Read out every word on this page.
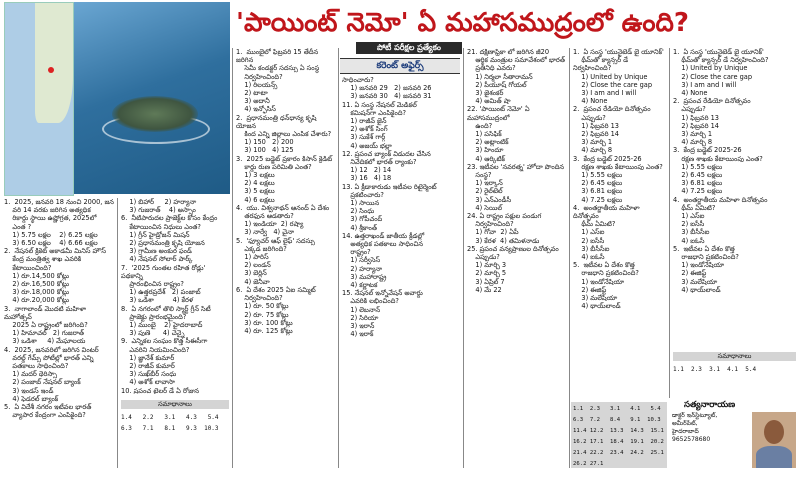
'పాయింట్ నెమో' ఏ మహాసముద్రంలో ఉంది?
పోటీ పరీక్షల ప్రత్యేకం
కరెంట్ అఫైర్స్
1.  2025, జనవరి 18 నుంచి 2000, జన
వరి 14 వరకు జరిగిన అత్యధిక
రికార్డు స్థాయి ఉష్ణోగ్రత, 2025లో
ఎంత ?
1) 5.75 లక్షల    2) 6.25 లక్షల
3) 6.50 లక్షల    4) 6.66 లక్షల
2.  నేషనల్ క్రికెట్ అకాడమీ మినిస్ హౌస్
కేంద్ర మంత్రిత్వ శాఖ ఎవరికి
కేటాయించింది?
1) రూ.14,500 కోట్లు
2) రూ.16,500 కోట్లు
3) రూ.18,000 కోట్లు
4) రూ.20,000 కోట్లు
3.  నాగాలాండ్ మొదటి మహిళా మహోత్సవ్
2025 ఏ రాష్ట్రంలో జరిగింది?
1) హిమాచల్   2) గుజరాత్
3) ఒడిశా     4) మేఘాలయ
4.  2025, జనవరిలో జరిగిన వింటర్
వరల్డ్ గేమ్స్ పోటీల్లో భారత్ ఎన్ని
పతకాలు సాధించింది?
1) మదర్ థెరిస్సా
2) పంజాబ్ నేషనల్ బ్యాంక్
3) ఇండస్ ఇండ్
4) ఫెడరల్ బ్యాంక్
5.  ఏ విదేశీ నగరం ఇటీవల భారత్
వ్యాపార కేంద్రంగా ఎంపికైంది?
1) బిహార్     2) హర్యానా
3) గుజరాత్    4) అస్సాం
6.  నీటిపారుదల ప్రాజెక్ట్‌ల కోసం కేంద్రం
కేటాయించిన నిధులు ఎంత?
1) గ్రీన్ హైడ్రోజన్ మిషన్
2) ప్రధానమంత్రి కృషి యోజన
3) గ్రామీణ అంకుర ఫండ్
4) నేషనల్ సోలార్ పార్క్
7.  '2025 గుంతల రహిత రోడ్లు' పథకాన్ని
ప్రారంభించిన రాష్ట్రం?
1) ఉత్తరప్రదేశ్   2) పంజాబ్
3) ఒడిశా         4) కేరళ
8.  ఏ నగరంలో తొలి స్మార్ట్ గ్రీన్ సిటీ
ప్రాజెక్టు ప్రారంభమైంది?
1) ముంబై    2) హైదరాబాద్
3) పుణె      4) చెన్నై
9.  ఎన్నికల సంఘం కొత్త సీఈసీగా
ఎవరిని నియమించింది?
1) జ్ఞానేశ్ కుమార్
2) రాజీవ్ కుమార్
3) సుఖ్‌బీర్ సంధు
4) అశోక్ లావాసా
10. ప్రపంచ టైలర్ డే ఏ రోజున

సమాధానాలు
1.4   2.2   3.1   4.3   5.4
6.3   7.1   8.1   9.3  10.3
1.  ముంబైలో ఫిబ్రవరి 15 తేదీన జరిగిన
సెమీ కండక్టర్ సదస్సు ఏ సంస్థ
నిర్వహించింది?
1) రిలయన్స్
2) టాటా
3) అదానీ
4) ఇన్ఫోసిస్
2.  ప్రధానమంత్రి ధన్‌ధాన్య కృషి యోజన
కింద ఎన్ని జిల్లాలు ఎంపిక చేశారు?
1) 150   2) 200
3) 100   4) 125
3.  2025 బడ్జెట్ ప్రకారం కిసాన్ క్రెడిట్
కార్డు రుణ పరిమితి ఎంత?
1) 3 లక్షలు
2) 4 లక్షలు
3) 5 లక్షలు
4) 6 లక్షలు
4.  యు. విశ్వనాథన్ ఆనంద్ ఏ దేశం
తరఫున ఆడతారు?
1) ఇండియా  2) రష్యా
3) నార్వే   4) చైనా
5.  'ఫ్యూచర్ ఆఫ్ లైఫ్' సదస్సు
ఎక్కడ జరిగింది?
1) పారిస్
2) లండన్
3) బెర్లిన్
4) జెనీవా
6.  ఏ దేశం 2025 ఏఐ సమ్మిట్
నిర్వహించింది?
1) రూ. 50 కోట్లు
2) రూ. 75 కోట్లు
3) రూ. 100 కోట్లు
4) రూ. 125 కోట్లు
సాధించారు?
1) జనవరి 29   2) జనవరి 26
3) జనవరి 30   4) జనవరి 31
11. ఏ సంస్థ నేషనల్ మెడికల్
కమిషన్‌గా ఎంపికైంది?
1) రాజీవ్ జైన్
2) అశోక్ సింగ్
3) సుకేశ్ గార్గ్
4) అజయ్ భల్లా
12. ప్రపంచ బ్యాంక్ విడుదల చేసిన
నివేదికలో భారత్ ర్యాంకు?
1) 12   2) 14
3) 16   4) 18
13. ఏ క్రీడాకారుడు ఇటీవల రిటైర్మెంట్
ప్రకటించారు?
1) సాయిన
2) సింధు
3) గోపీచంద్
4) శ్రీకాంత్
14. ఉత్తరాఖండ్ జాతీయ క్రీడల్లో
అత్యధిక పతకాలు సాధించిన
రాష్ట్రం?
1) సర్వీసెస్
2) హర్యానా
3) మహారాష్ట్ర
4) కర్ణాటక
15. నేషనల్ ఇన్నోవేషన్ అవార్డు
ఎవరికి లభించింది?
1) లెబనాన్
2) సిరియా
3) ఇరాన్
4) ఇరాక్
21. దక్షిణాఫ్రికా లో జరిగిన జీ20
ఆర్థిక మంత్రుల సమావేశంలో భారత్
ప్రతినిధి ఎవరు?
1) నిర్మలా సీతారామన్
2) పీయూష్ గోయల్
3) జైశంకర్
4) అమిత్ షా
22. 'పాయింట్ నెమో' ఏ మహాసముద్రంలో
ఉంది?
1) పసిఫిక్
2) అట్లాంటిక్
3) హిందూ
4) ఆర్కిటిక్
23. ఇటీవల 'నవరత్న' హోదా పొందిన
సంస్థ?
1) ఇర్కాన్
2) రైల్‌టెల్
3) ఎన్‌ఎండీసీ
4) సెయిల్
24. ఏ రాష్ట్రం పక్షుల పండుగ
నిర్వహించింది?
1) గోవా  2) ఏపీ
3) కేరళ  4) తమిళనాడు
25. ప్రపంచ వన్యప్రాణుల దినోత్సవం
ఎప్పుడు?
1) మార్చి 3
2) మార్చి 5
3) ఏప్రిల్ 7
4) మే 22
1.  ఏ సంస్థ 'యునైటెడ్ బై యూనిక్'
థీమ్‌తో క్యాన్సర్ డే నిర్వహించింది?
1) United by Unique
2) Close the care gap
3) I am and I will
4) None
2.  ప్రపంచ రేడియో దినోత్సవం
ఎప్పుడు?
1) ఫిబ్రవరి 13
2) ఫిబ్రవరి 14
3) మార్చి 1
4) మార్చి 8
3.  కేంద్ర బడ్జెట్ 2025-26
రక్షణ శాఖకు కేటాయింపు ఎంత?
1) 5.55 లక్షలు
2) 6.45 లక్షలు
3) 6.81 లక్షలు
4) 7.25 లక్షలు
4.  అంతర్జాతీయ మహిళా దినోత్సవం
థీమ్ ఏమిటి?
1) ఎస్‌ఐ
2) ఐసీసీ
3) బీసీసీఐ
4) ఐఓసీ
5.  ఇటీవల ఏ దేశం కొత్త
రాజధాని ప్రకటించింది?
1) ఇండోనేషియా
2) ఈజిప్ట్
3) మలేషియా
4) థాయ్‌లాండ్
1.1  2.3   3.1   4.1   5.4
6.3  7.2   8.4   9.1  10.3
11.4 12.2  13.3  14.3  15.1
16.2 17.1  18.4  19.1  20.2
21.4 22.2  23.4  24.2  25.1
26.2 27.1
1.  ఏ సంస్థ 'యునైటెడ్ బై యూనిక్'
థీమ్‌తో క్యాన్సర్ డే నిర్వహించింది?
1) United by Unique
2) Close the care gap
3) I am and I will
4) None
2.  ప్రపంచ రేడియో దినోత్సవం
ఎప్పుడు?
1) ఫిబ్రవరి 13
2) ఫిబ్రవరి 14
3) మార్చి 1
4) మార్చి 8
3.  కేంద్ర బడ్జెట్ 2025-26
రక్షణ శాఖకు కేటాయింపు ఎంత?
1) 5.55 లక్షలు
2) 6.45 లక్షలు
3) 6.81 లక్షలు
4) 7.25 లక్షలు
4.  అంతర్జాతీయ మహిళా దినోత్సవం
థీమ్ ఏమిటి?
1) ఎస్‌ఐ
2) ఐసీసీ
3) బీసీసీఐ
4) ఐఓసీ
5.  ఇటీవల ఏ దేశం కొత్త
రాజధాని ప్రకటించింది?
1) ఇండోనేషియా
2) ఈజిప్ట్
3) మలేషియా
4) థాయ్‌లాండ్
సమాధానాలు
1.1  2.3  3.1  4.1  5.4
సత్యనారాయణ
డాక్టర్ ఇన్‌స్టిట్యూట్,
అమీర్‌పేట్,
హైదరాబాద్
9652578680
